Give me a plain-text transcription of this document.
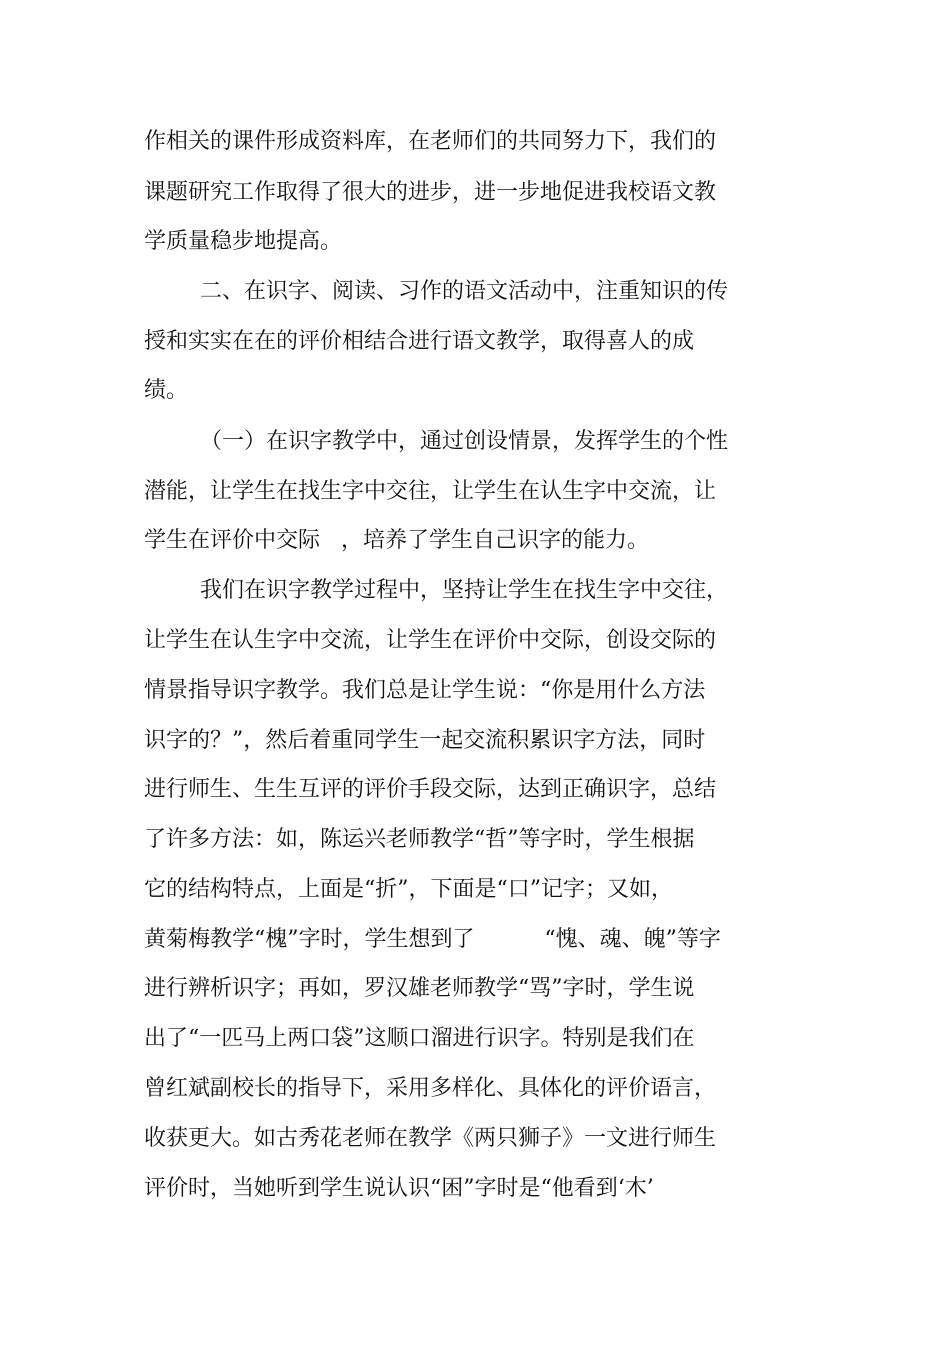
作相关的课件形成资料库，在老师们的共同努力下，我们的
课题研究工作取得了很大的进步，进一步地促进我校语文教
学质量稳步地提高。
二、在识字、阅读、习作的语文活动中，注重知识的传
授和实实在在的评价相结合进行语文教学，取得喜人的成
绩。
（一）在识字教学中，通过创设情景，发挥学生的个性
潜能，让学生在找生字中交往，让学生在认生字中交流，让
学生在评价中交际   ，培养了学生自己识字的能力。
我们在识字教学过程中，坚持让学生在找生字中交往，
让学生在认生字中交流，让学生在评价中交际，创设交际的
情景指导识字教学。我们总是让学生说：“你是用什么方法
识字的？”，然后着重同学生一起交流积累识字方法，同时
进行师生、生生互评的评价手段交际，达到正确识字，总结
了许多方法：如，陈运兴老师教学“哲”等字时，学生根据
它的结构特点，上面是“折”，下面是“口”记字；又如，
黄菊梅教学“槐”字时，学生想到了          “愧、魂、魄”等字
进行辨析识字；再如，罗汉雄老师教学“骂”字时，学生说
出了“一匹马上两口袋”这顺口溜进行识字。特别是我们在
曾红斌副校长的指导下，采用多样化、具体化的评价语言，
收获更大。如古秀花老师在教学《两只狮子》一文进行师生
评价时，当她听到学生说认识“困”字时是“他看到‘木’
